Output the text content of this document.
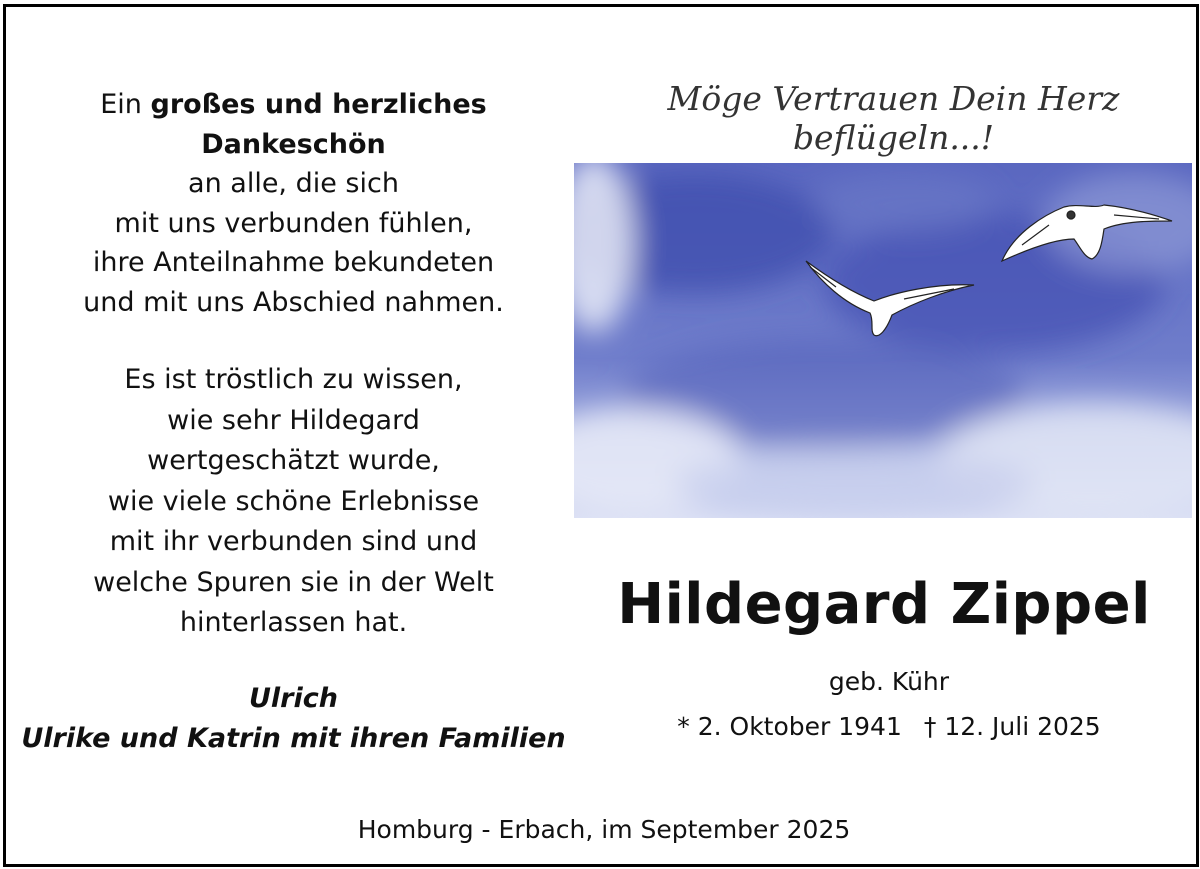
Ein großes und herzliches
Dankeschön
an alle, die sich
mit uns verbunden fühlen,
ihre Anteilnahme bekundeten
und mit uns Abschied nahmen.
Es ist tröstlich zu wissen,
wie sehr Hildegard
wertgeschätzt wurde,
wie viele schöne Erlebnisse
mit ihr verbunden sind und
welche Spuren sie in der Welt
hinterlassen hat.
Ulrich
Ulrike und Katrin mit ihren Familien
Möge Vertrauen Dein Herz beflügeln...!
Hildegard Zippel
geb. Kühr
* 2. Oktober 1941 † 12. Juli 2025
Homburg - Erbach, im September 2025
